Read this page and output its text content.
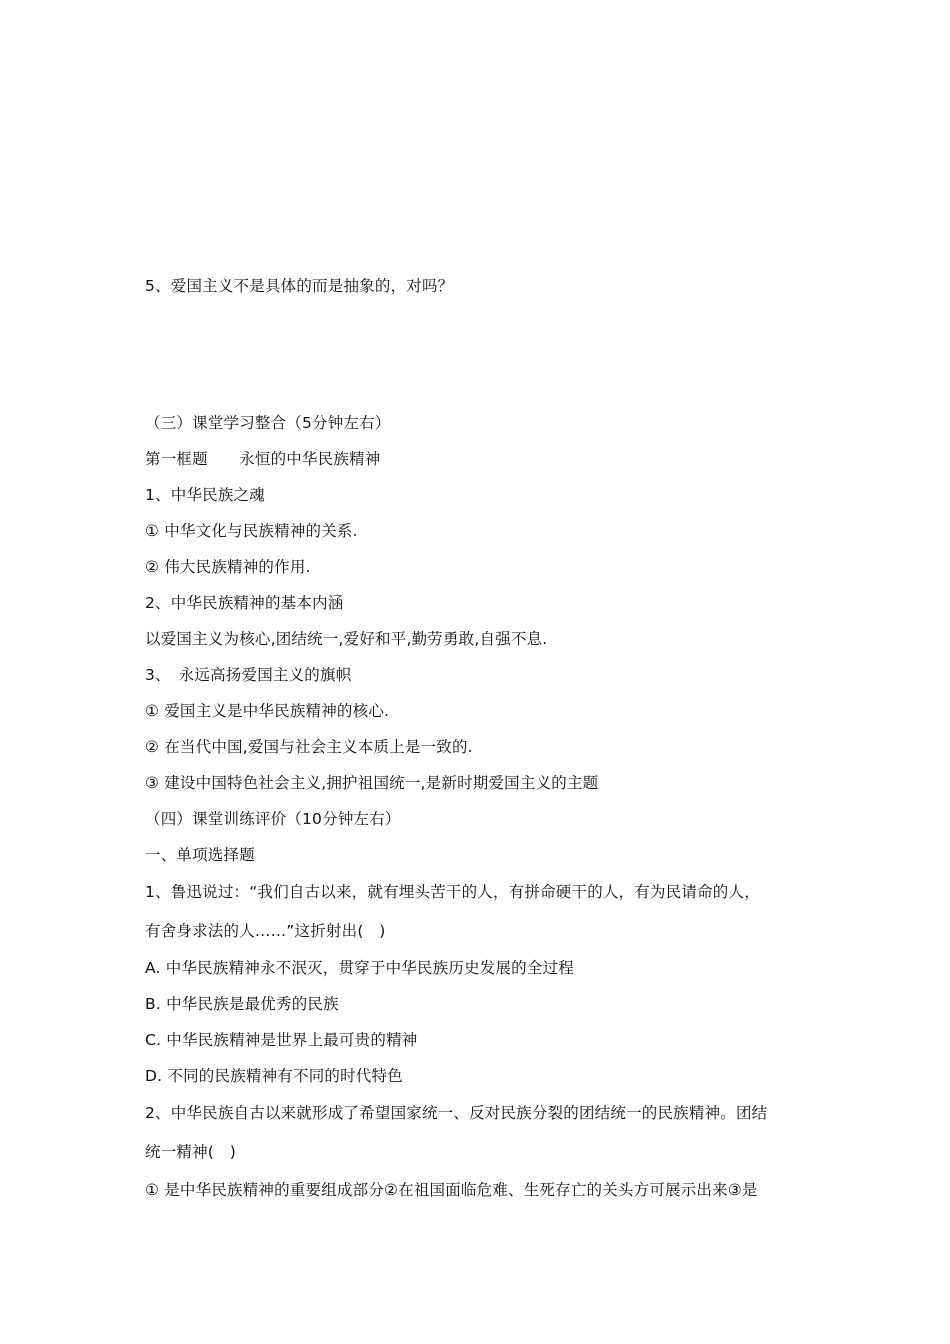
5、爱国主义不是具体的而是抽象的，对吗？
（三）课堂学习整合（5分钟左右）
第一框题　　永恒的中华民族精神
1、中华民族之魂
① 中华文化与民族精神的关系.
② 伟大民族精神的作用.
2、中华民族精神的基本内涵
以爱国主义为核心,团结统一,爱好和平,勤劳勇敢,自强不息.
3、　永远高扬爱国主义的旗帜
① 爱国主义是中华民族精神的核心.
② 在当代中国,爱国与社会主义本质上是一致的.
③ 建设中国特色社会主义,拥护祖国统一,是新时期爱国主义的主题
（四）课堂训练评价（10分钟左右）
一、单项选择题
1、鲁迅说过：“我们自古以来，就有埋头苦干的人，有拼命硬干的人，有为民请命的人，
有舍身求法的人……”这折射出(　)
A. 中华民族精神永不泯灭，贯穿于中华民族历史发展的全过程
B. 中华民族是最优秀的民族
C. 中华民族精神是世界上最可贵的精神
D. 不同的民族精神有不同的时代特色
2、中华民族自古以来就形成了希望国家统一、反对民族分裂的团结统一的民族精神。团结
统一精神(　)
① 是中华民族精神的重要组成部分②在祖国面临危难、生死存亡的关头方可展示出来③是
